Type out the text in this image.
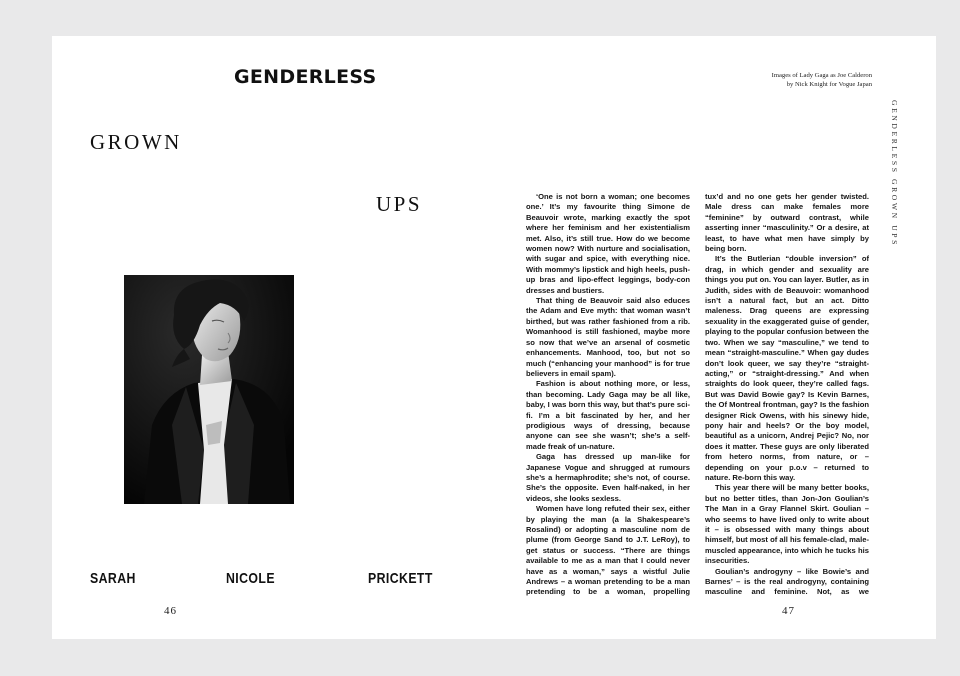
GENDERLESS
GROWN
UPS
SARAH	NICOLE	PRICKETT
46
Images of Lady Gaga as Joe Calderon
by Nick Knight for Vogue Japan
GENDERLESS GROWN UPS

‘One is not born a woman; one becomes one.’ It’s my favourite thing Simone de Beauvoir wrote, marking exactly the spot where her feminism and her existentialism met. Also, it’s still true. How do we become women now? With nurture and socialisation, with sugar and spice, with everything nice. With mommy’s lipstick and high heels, push-up bras and lipo-effect leggings, body-con dresses and bustiers.

That thing de Beauvoir said also educes the Adam and Eve myth: that woman wasn’t birthed, but was rather fashioned from a rib. Womanhood is still fashioned, maybe more so now that we’ve an arsenal of cosmetic enhancements. Manhood, too, but not so much (“enhancing your manhood” is for true believers in email spam).

Fashion is about nothing more, or less, than becoming. Lady Gaga may be all like, baby, I was born this way, but that’s pure sci-fi. I’m a bit fascinated by her, and her prodigious ways of dressing, because anyone can see she wasn’t; she’s a self-made freak of un-nature.

Gaga has dressed up man-like for Japanese Vogue and shrugged at rumours she’s a hermaphrodite; she’s not, of course. She’s the opposite. Even half-naked, in her videos, she looks sexless.

Women have long refuted their sex, either by playing the man (a la Shakespeare’s Rosalind) or adopting a masculine nom de plume (from George Sand to J.T. LeRoy), to get status or success. “There are things available to me as a man that I could never have as a woman,” says a wistful Julie Andrews – a woman pretending to be a man pretending to be a woman, propelling

tux’d and no one gets her gender twisted. Male dress can make females more “feminine” by outward contrast, while asserting inner “masculinity.” Or a desire, at least, to have what men have simply by being born.

It’s the Butlerian “double inversion” of drag, in which gender and sexuality are things you put on. You can layer. Butler, as in Judith, sides with de Beauvoir: womanhood isn’t a natural fact, but an act. Ditto maleness. Drag queens are expressing sexuality in the exaggerated guise of gender, playing to the popular confusion between the two. When we say “masculine,” we tend to mean “straight-masculine.” When gay dudes don’t look queer, we say they’re “straight-acting,” or “straight-dressing.” And when straights do look queer, they’re called fags. But was David Bowie gay? Is Kevin Barnes, the Of Montreal frontman, gay? Is the fashion designer Rick Owens, with his sinewy hide, pony hair and heels? Or the boy model, beautiful as a unicorn, Andrej Pejic? No, nor does it matter. These guys are only liberated from hetero norms, from nature, or – depending on your p.o.v – returned to nature. Re-born this way.

This year there will be many better books, but no better titles, than Jon-Jon Goulian’s The Man in a Gray Flannel Skirt. Goulian – who seems to have lived only to write about it – is obsessed with many things about himself, but most of all his female-clad, male-muscled appearance, into which he tucks his insecurities.

Goulian’s androgyny – like Bowie’s and Barnes’ – is the real androgyny, containing masculine and feminine. Not, as we

47
